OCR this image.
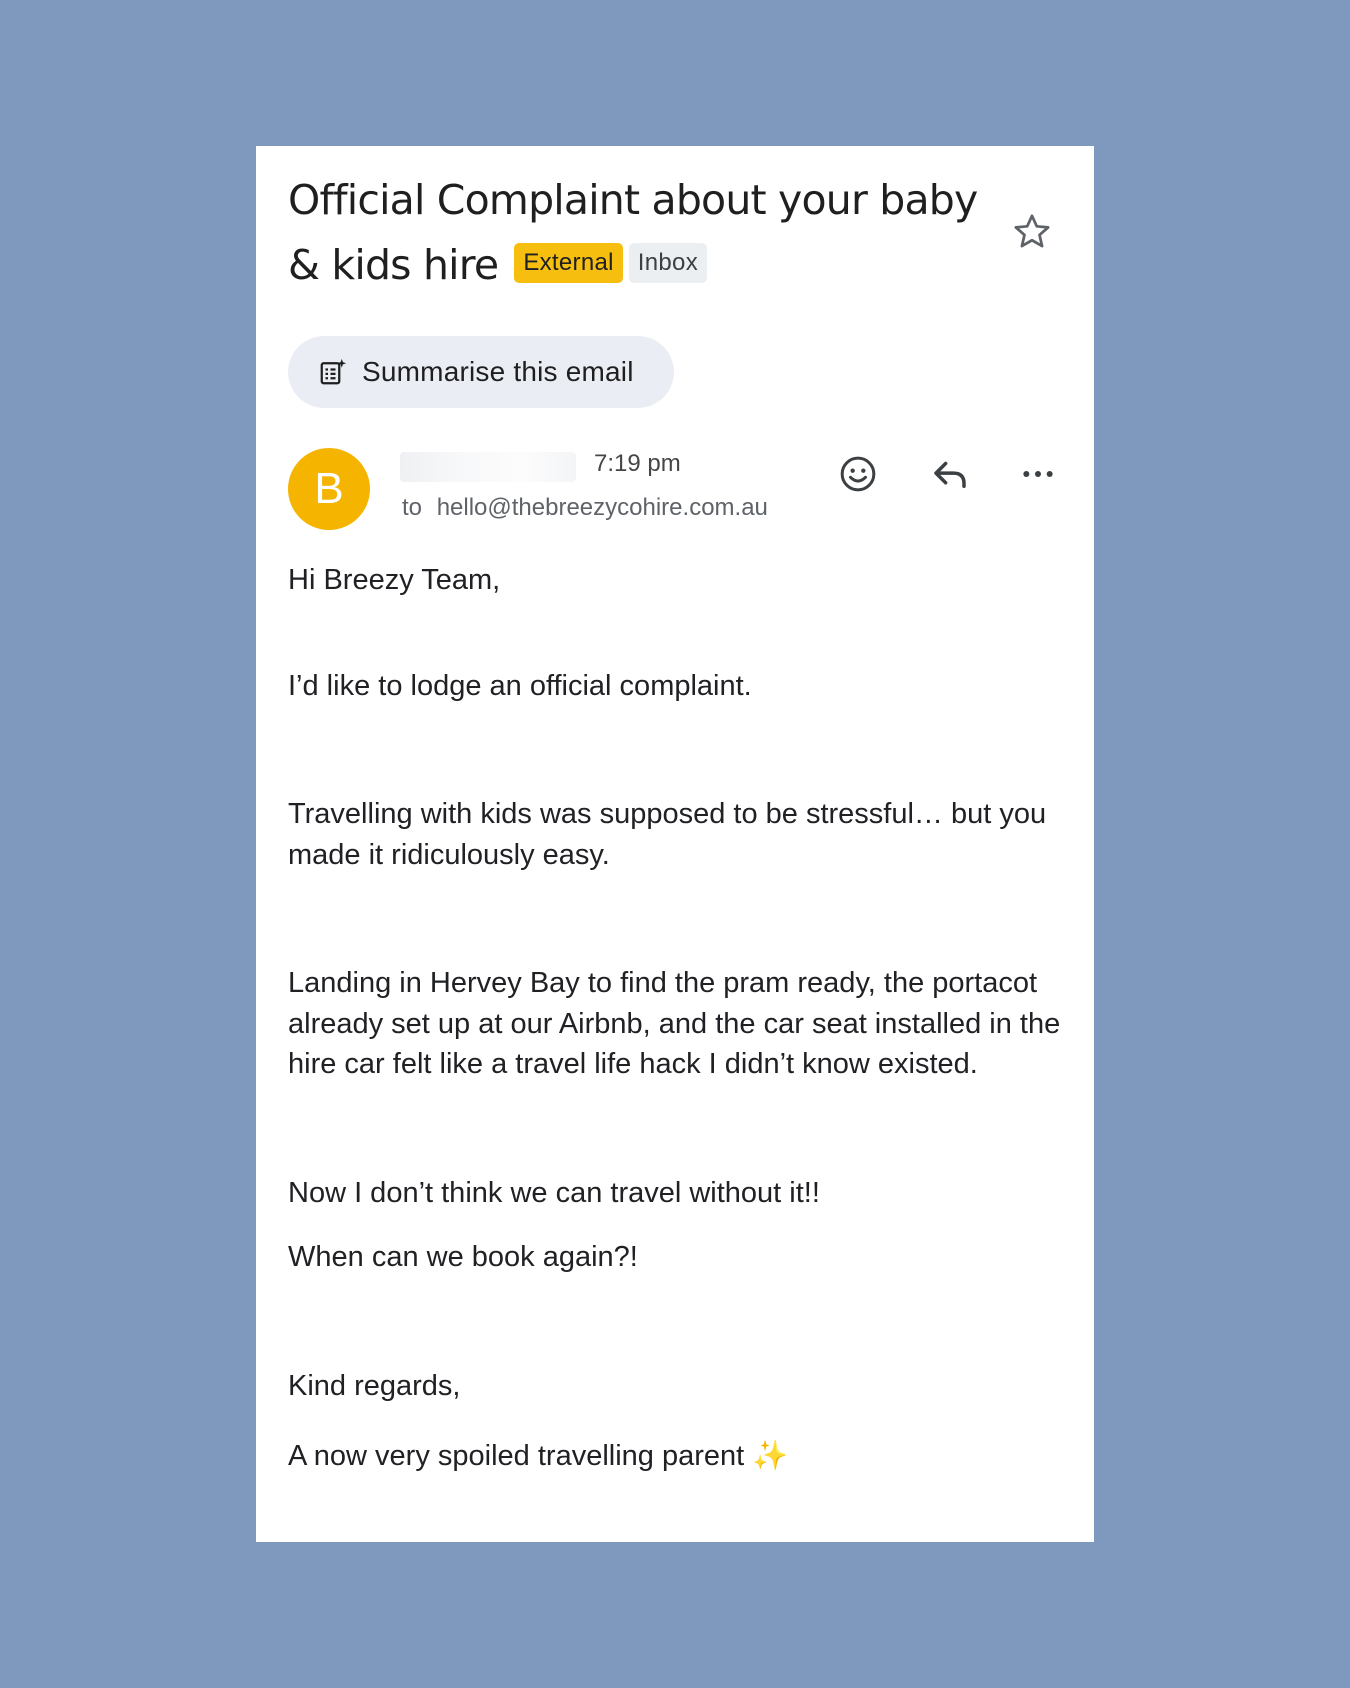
Official Complaint about your baby & kids hire External Inbox
Summarise this email
B
7:19 pm
to hello@thebreezycohire.com.au

Hi Breezy Team,

I’d like to lodge an official complaint.

Travelling with kids was supposed to be stressful… but you made it ridiculously easy.

Landing in Hervey Bay to find the pram ready, the portacot already set up at our Airbnb, and the car seat installed in the hire car felt like a travel life hack I didn’t know existed.

Now I don’t think we can travel without it!!

When can we book again?!

Kind regards,

A now very spoiled travelling parent ✨
